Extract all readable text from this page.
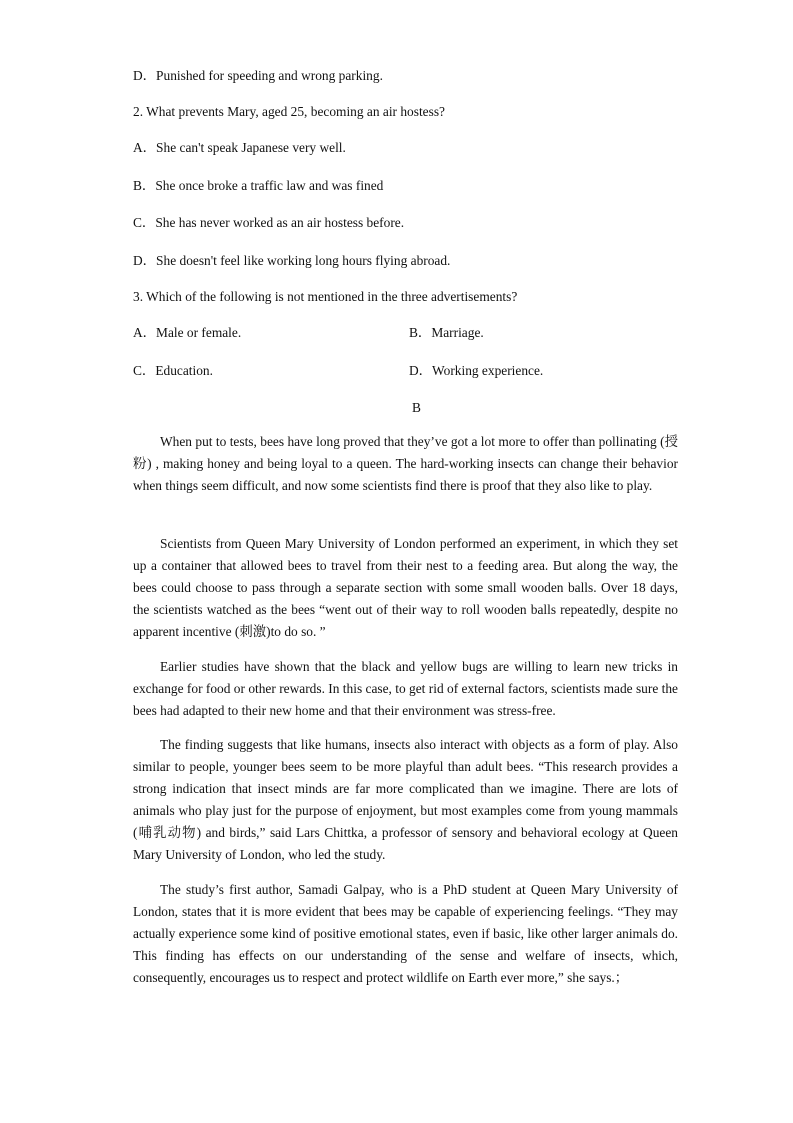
D．Punished for speeding and wrong parking.
2. What prevents Mary, aged 25, becoming an air hostess?
A．She can't speak Japanese very well.
B．She once broke a traffic law and was fined
C．She has never worked as an air hostess before.
D．She doesn't feel like working long hours flying abroad.
3. Which of the following is not mentioned in the three advertisements?
A．Male or female.	B．Marriage.
C．Education.	D．Working experience.
B

When put to tests, bees have long proved that they’ve got a lot more to offer than pollinating (授粉) , making honey and being loyal to a queen. The hard-working insects can change their behavior when things seem difficult, and now some scientists find there is proof that they also like to play.

Scientists from Queen Mary University of London performed an experiment, in which they set up a container that allowed bees to travel from their nest to a feeding area. But along the way, the bees could choose to pass through a separate section with some small wooden balls. Over 18 days, the scientists watched as the bees “went out of their way to roll wooden balls repeatedly, despite no apparent incentive (刺激)to do so. ”

Earlier studies have shown that the black and yellow bugs are willing to learn new tricks in exchange for food or other rewards. In this case, to get rid of external factors, scientists made sure the bees had adapted to their new home and that their environment was stress-free.

The finding suggests that like humans, insects also interact with objects as a form of play. Also similar to people, younger bees seem to be more playful than adult bees. “This research provides a strong indication that insect minds are far more complicated than we imagine. There are lots of animals who play just for the purpose of enjoyment, but most examples come from young mammals (哺乳动物) and birds,” said Lars Chittka, a professor of sensory and behavioral ecology at Queen Mary University of London, who led the study.

The study’s first author, Samadi Galpay, who is a PhD student at Queen Mary University of London, states that it is more evident that bees may be capable of experiencing feelings. “They may actually experience some kind of positive emotional states, even if basic, like other larger animals do. This finding has effects on our understanding of the sense and welfare of insects, which, consequently, encourages us to respect and protect wildlife on Earth ever more,” she says.；
